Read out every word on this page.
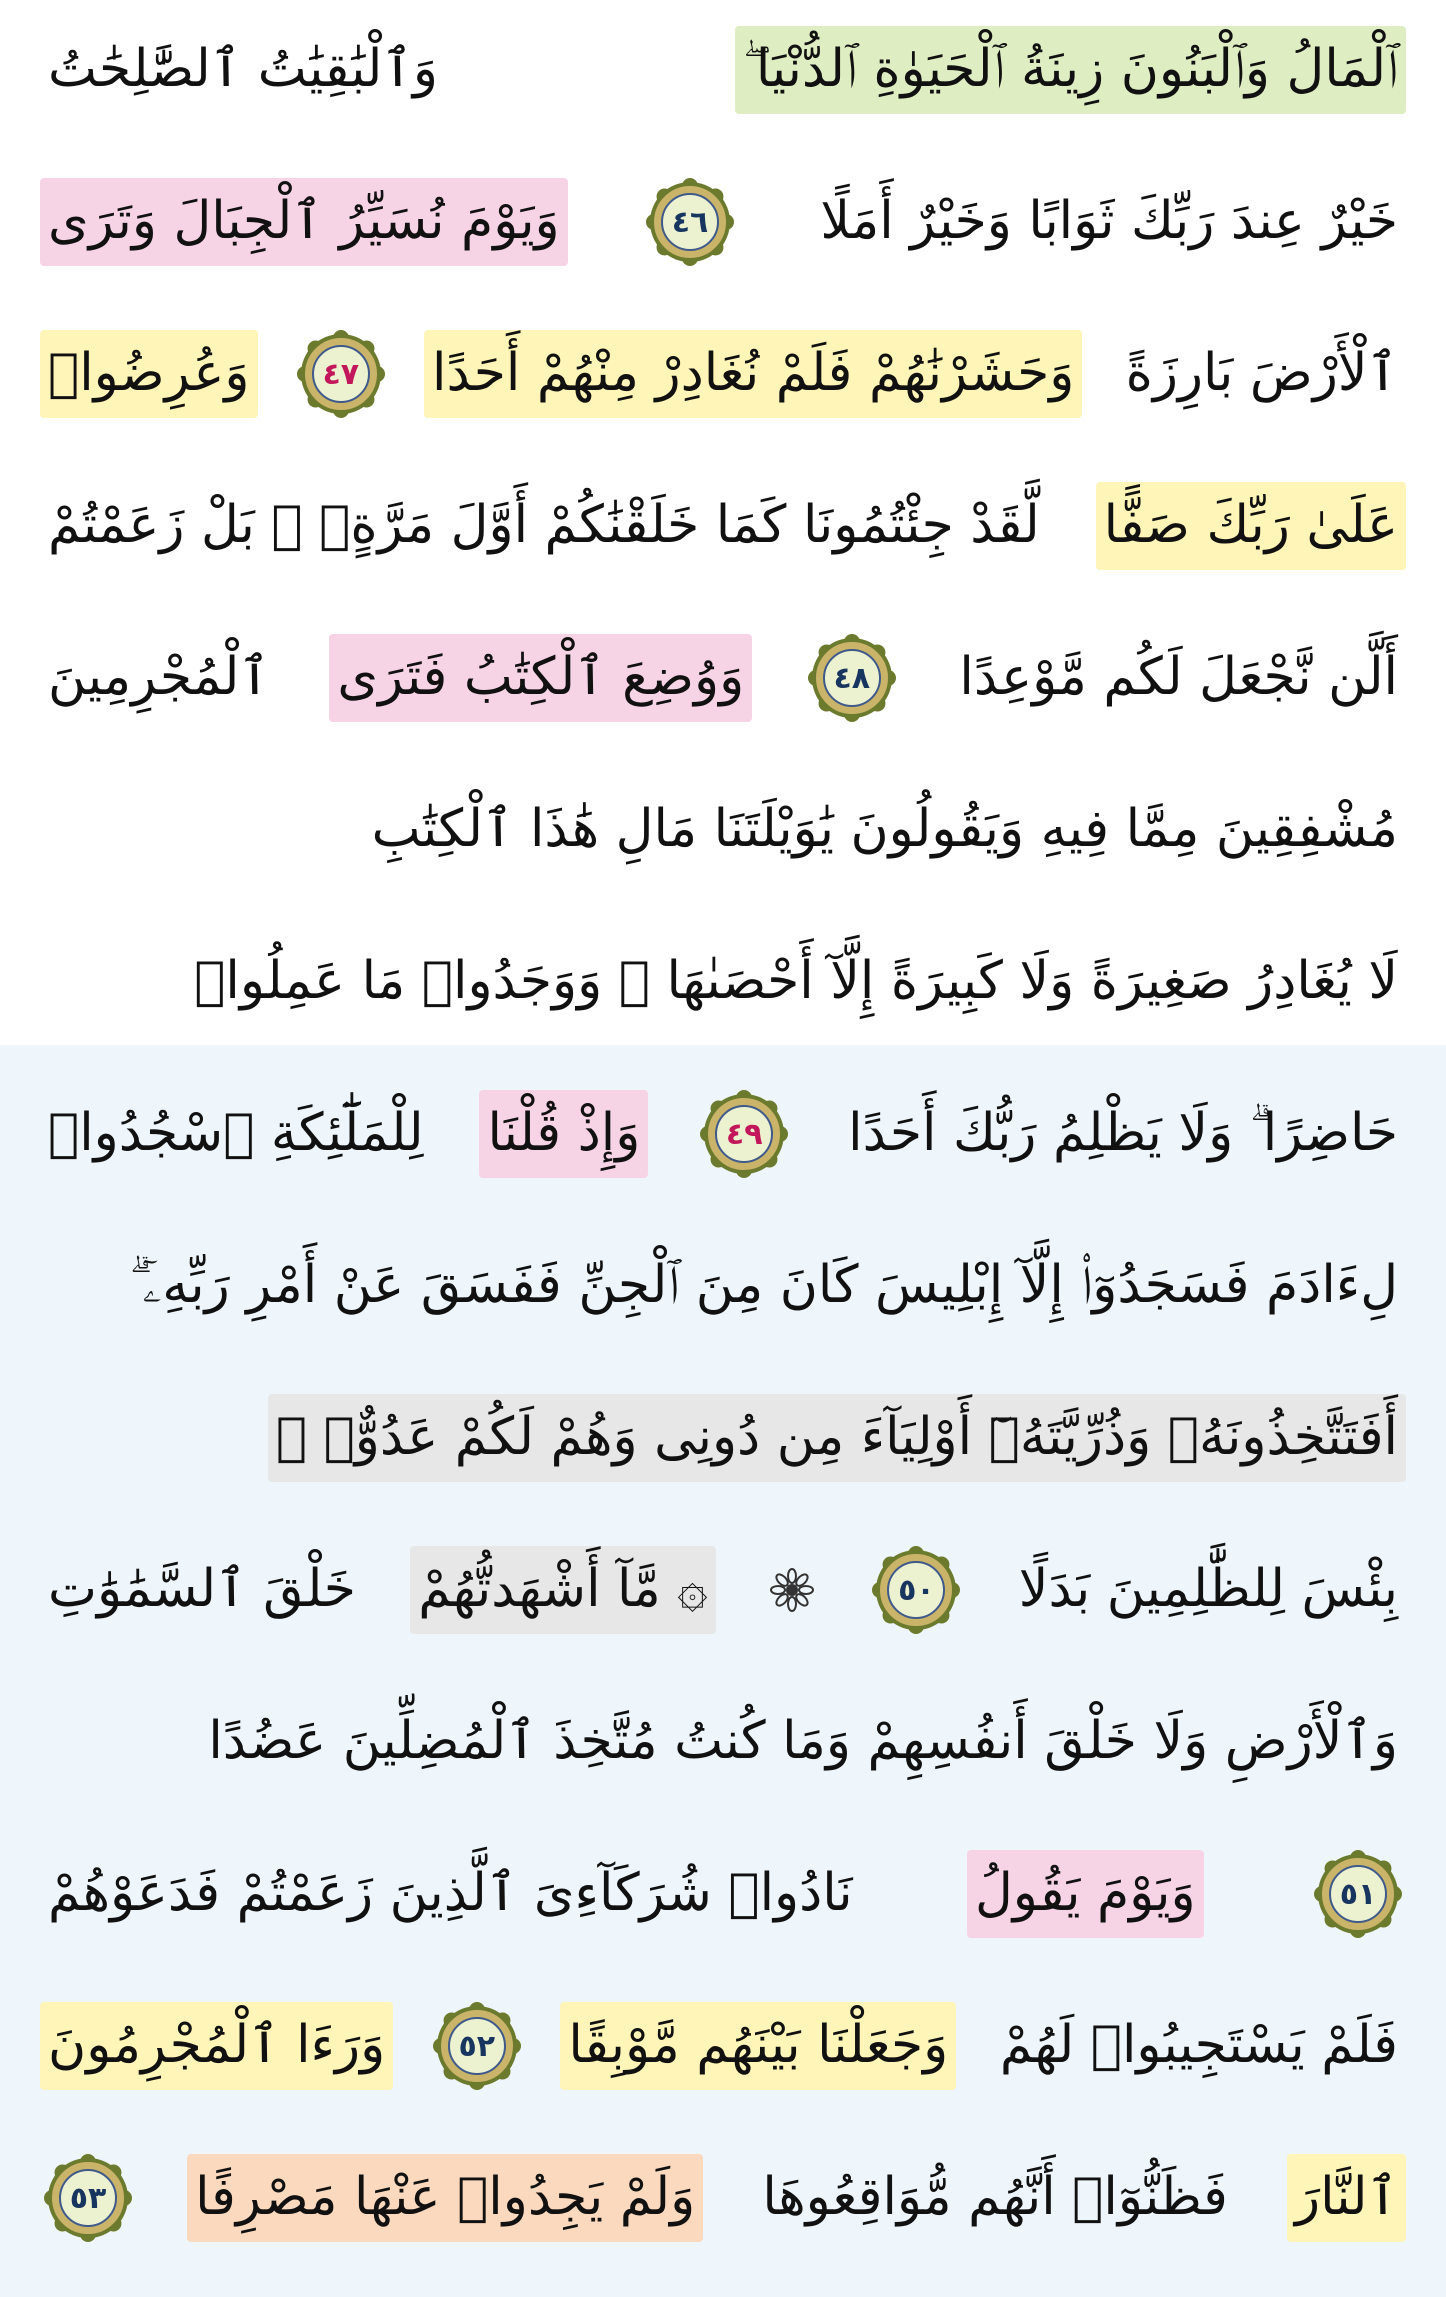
ٱلْمَالُ وَٱلْبَنُونَ زِينَةُ ٱلْحَيَوٰةِ ٱلدُّنْيَا ۖ
وَٱلْبَٰقِيَٰتُ ٱلصَّٰلِحَٰتُ
خَيْرٌ عِندَ رَبِّكَ ثَوَابًا وَخَيْرٌ أَمَلًا
٤٦
وَيَوْمَ نُسَيِّرُ ٱلْجِبَالَ وَتَرَى
ٱلْأَرْضَ بَارِزَةً
وَحَشَرْنَٰهُمْ فَلَمْ نُغَادِرْ مِنْهُمْ أَحَدًا
٤٧
وَعُرِضُوا۟
عَلَىٰ رَبِّكَ صَفًّا
لَّقَدْ جِئْتُمُونَا كَمَا خَلَقْنَٰكُمْ أَوَّلَ مَرَّةٍۭ ۚ بَلْ زَعَمْتُمْ
أَلَّن نَّجْعَلَ لَكُم مَّوْعِدًا
٤٨
وَوُضِعَ ٱلْكِتَٰبُ فَتَرَى
ٱلْمُجْرِمِينَ
مُشْفِقِينَ مِمَّا فِيهِ وَيَقُولُونَ يَٰوَيْلَتَنَا مَالِ هَٰذَا ٱلْكِتَٰبِ
لَا يُغَادِرُ صَغِيرَةً وَلَا كَبِيرَةً إِلَّآ أَحْصَىٰهَا ۚ وَوَجَدُوا۟ مَا عَمِلُوا۟
حَاضِرًا ۗ وَلَا يَظْلِمُ رَبُّكَ أَحَدًا
٤٩
وَإِذْ قُلْنَا
لِلْمَلَٰٓئِكَةِ ٱسْجُدُوا۟
لِءَادَمَ فَسَجَدُوٓا۟ إِلَّآ إِبْلِيسَ كَانَ مِنَ ٱلْجِنِّ فَفَسَقَ عَنْ أَمْرِ رَبِّهِۦٓ ۗ
أَفَتَتَّخِذُونَهُۥ وَذُرِّيَّتَهُۥٓ أَوْلِيَآءَ مِن دُونِى وَهُمْ لَكُمْ عَدُوٌّۢ ۚ
بِئْسَ لِلظَّٰلِمِينَ بَدَلًا
٥٠
۞ مَّآ أَشْهَدتُّهُمْ
خَلْقَ ٱلسَّمَٰوَٰتِ
وَٱلْأَرْضِ وَلَا خَلْقَ أَنفُسِهِمْ وَمَا كُنتُ مُتَّخِذَ ٱلْمُضِلِّينَ عَضُدًا
٥١
وَيَوْمَ يَقُولُ
نَادُوا۟ شُرَكَآءِىَ ٱلَّذِينَ زَعَمْتُمْ فَدَعَوْهُمْ
فَلَمْ يَسْتَجِيبُوا۟ لَهُمْ
وَجَعَلْنَا بَيْنَهُم مَّوْبِقًا
٥٢
وَرَءَا ٱلْمُجْرِمُونَ
ٱلنَّارَ
فَظَنُّوٓا۟ أَنَّهُم مُّوَاقِعُوهَا
وَلَمْ يَجِدُوا۟ عَنْهَا مَصْرِفًا
٥٣
